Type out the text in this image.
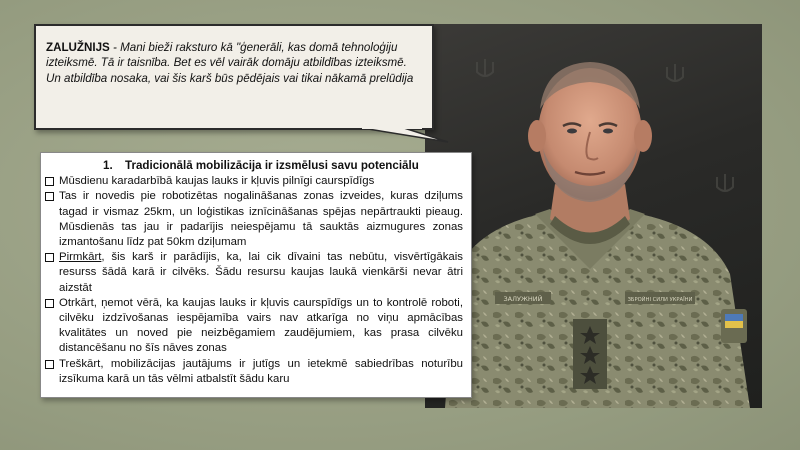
ЗАЛУЖНИЙ	ЗБРОЙНІ СИЛИ УКРАЇНИ
ZALUŽNIJS - Mani bieži raksturo kā "ģenerāli, kas domā tehnoloģiju izteiksmē. Tā ir taisnība. Bet es vēl vairāk domāju atbildības izteiksmē. Un atbildība nosaka, vai šis karš būs pēdējais vai tikai nākamā prelūdija
1. Tradicionālā mobilizācija ir izsmēlusi savu potenciālu
Mūsdienu karadarbībā kaujas lauks ir kļuvis pilnīgi caurspīdīgs
Tas ir novedis pie robotizētas nogalināšanas zonas izveides, kuras dziļums tagad ir vismaz 25km, un loģistikas iznīcināšanas spējas nepārtraukti pieaug. Mūsdienās tas jau ir padarījis neiespējamu tā sauktās aizmugures zonas izmantošanu līdz pat 50km dziļumam
Pirmkārt, šis karš ir parādījis, ka, lai cik dīvaini tas nebūtu, visvērtīgākais resurss šādā karā ir cilvēks. Šādu resursu kaujas laukā vienkārši nevar ātri aizstāt
Otrkārt, ņemot vērā, ka kaujas lauks ir kļuvis caurspīdīgs un to kontrolē roboti, cilvēku izdzīvošanas iespējamība vairs nav atkarīga no viņu apmācības kvalitātes un noved pie neizbēgamiem zaudējumiem, kas prasa cilvēku distancēšanu no šīs nāves zonas
Treškārt, mobilizācijas jautājums ir jutīgs un ietekmē sabiedrības noturību izsīkuma karā un tās vēlmi atbalstīt šādu karu
